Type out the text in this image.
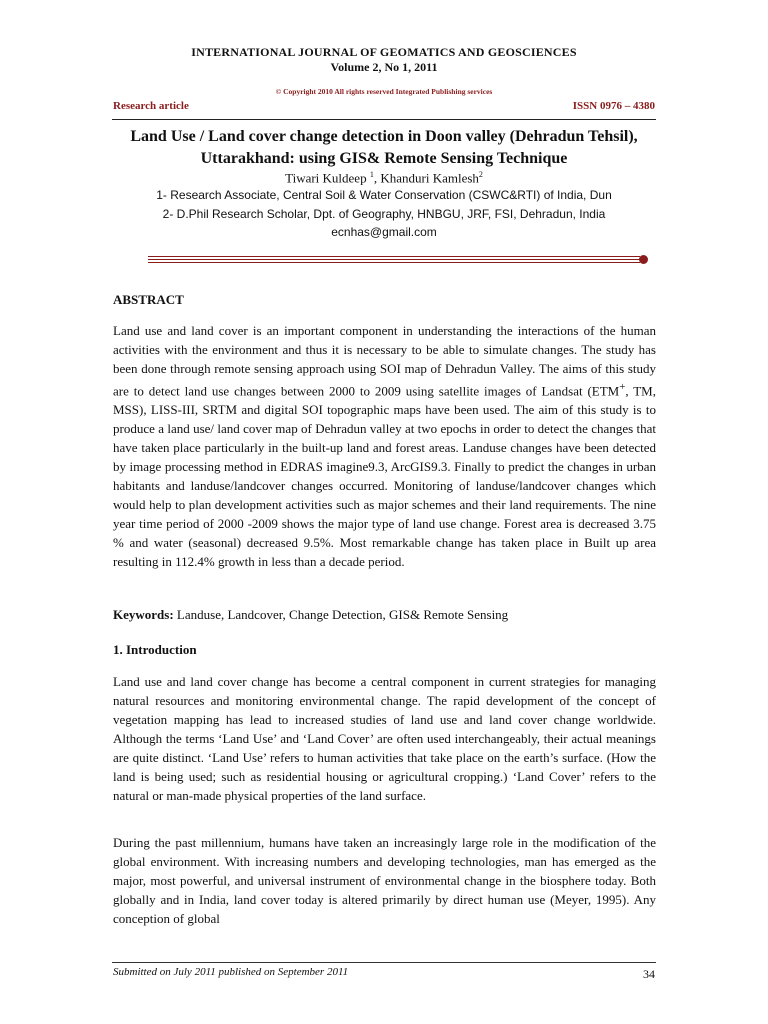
INTERNATIONAL JOURNAL OF GEOMATICS AND GEOSCIENCES
Volume 2, No 1, 2011
© Copyright 2010 All rights reserved Integrated Publishing services
Research article	ISSN 0976 – 4380
Land Use / Land cover change detection in Doon valley (Dehradun Tehsil), Uttarakhand: using GIS& Remote Sensing Technique
Tiwari Kuldeep $^1$, Khanduri Kamlesh$^2$
1- Research Associate, Central Soil & Water Conservation (CSWC&RTI) of India, Dun
2- D.Phil Research Scholar, Dpt. of Geography, HNBGU, JRF, FSI, Dehradun, India
ecnhas@gmail.com
ABSTRACT

Land use and land cover is an important component in understanding the interactions of the human activities with the environment and thus it is necessary to be able to simulate changes. The study has been done through remote sensing approach using SOI map of Dehradun Valley. The aims of this study are to detect land use changes between 2000 to 2009 using satellite images of Landsat (ETM+, TM, MSS), LISS-III, SRTM and digital SOI topographic maps have been used. The aim of this study is to produce a land use/ land cover map of Dehradun valley at two epochs in order to detect the changes that have taken place particularly in the built-up land and forest areas. Landuse changes have been detected by image processing method in EDRAS imagine9.3, ArcGIS9.3. Finally to predict the changes in urban habitants and landuse/landcover changes occurred. Monitoring of landuse/landcover changes which would help to plan development activities such as major schemes and their land requirements. The nine year time period of 2000 -2009 shows the major type of land use change. Forest area is decreased 3.75 % and water (seasonal) decreased 9.5%. Most remarkable change has taken place in Built up area resulting in 112.4% growth in less than a decade period.

Keywords: Landuse, Landcover, Change Detection, GIS& Remote Sensing
1. Introduction

Land use and land cover change has become a central component in current strategies for managing natural resources and monitoring environmental change. The rapid development of the concept of vegetation mapping has lead to increased studies of land use and land cover change worldwide. Although the terms ‘Land Use’ and ‘Land Cover’ are often used interchangeably, their actual meanings are quite distinct. ‘Land Use’ refers to human activities that take place on the earth’s surface. (How the land is being used; such as residential housing or agricultural cropping.) ‘Land Cover’ refers to the natural or man-made physical properties of the land surface.

During the past millennium, humans have taken an increasingly large role in the modification of the global environment. With increasing numbers and developing technologies, man has emerged as the major, most powerful, and universal instrument of environmental change in the biosphere today. Both globally and in India, land cover today is altered primarily by direct human use (Meyer, 1995). Any conception of global

Submitted on July 2011 published on September 2011	34
